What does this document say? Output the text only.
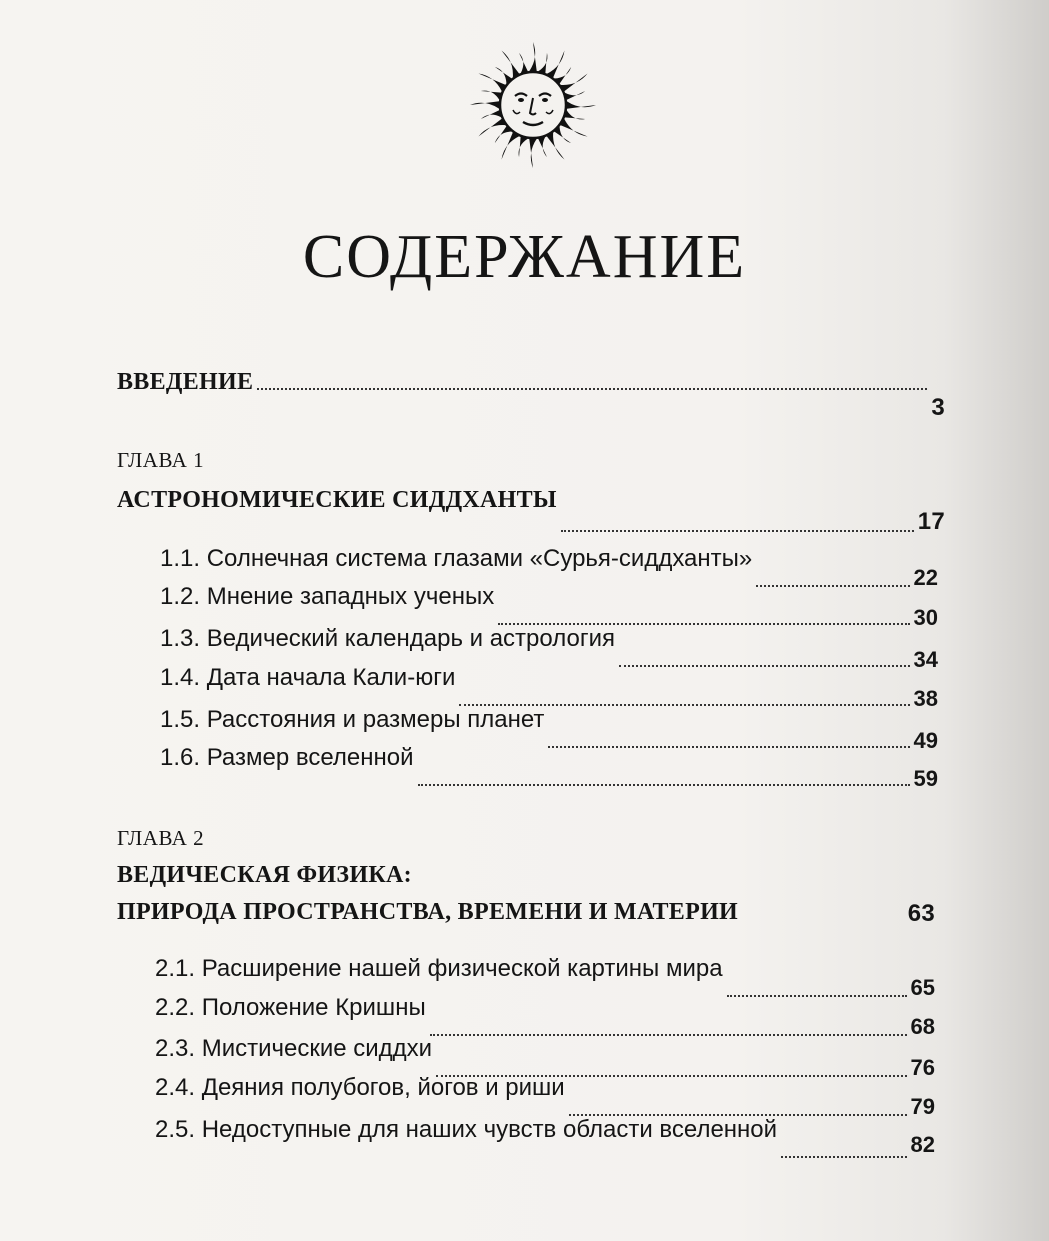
СОДЕРЖАНИЕ
ВВЕДЕНИЕ
3
ГЛАВА 1
АСТРОНОМИЧЕСКИЕ СИДДХАНТЫ
17
1.1. Солнечная система глазами «Сурья-сиддханты»
22
1.2. Мнение западных ученых
30
1.3. Ведический календарь и астрология
34
1.4. Дата начала Кали-юги
38
1.5. Расстояния и размеры планет
49
1.6. Размер вселенной
59
ГЛАВА 2
ВЕДИЧЕСКАЯ ФИЗИКА:
ПРИРОДА ПРОСТРАНСТВА, ВРЕМЕНИ И МАТЕРИИ	63
2.1. Расширение нашей физической картины мира
65
2.2. Положение Кришны
68
2.3. Мистические сиддхи
76
2.4. Деяния полубогов, йогов и риши
79
2.5. Недоступные для наших чувств области вселенной
82
